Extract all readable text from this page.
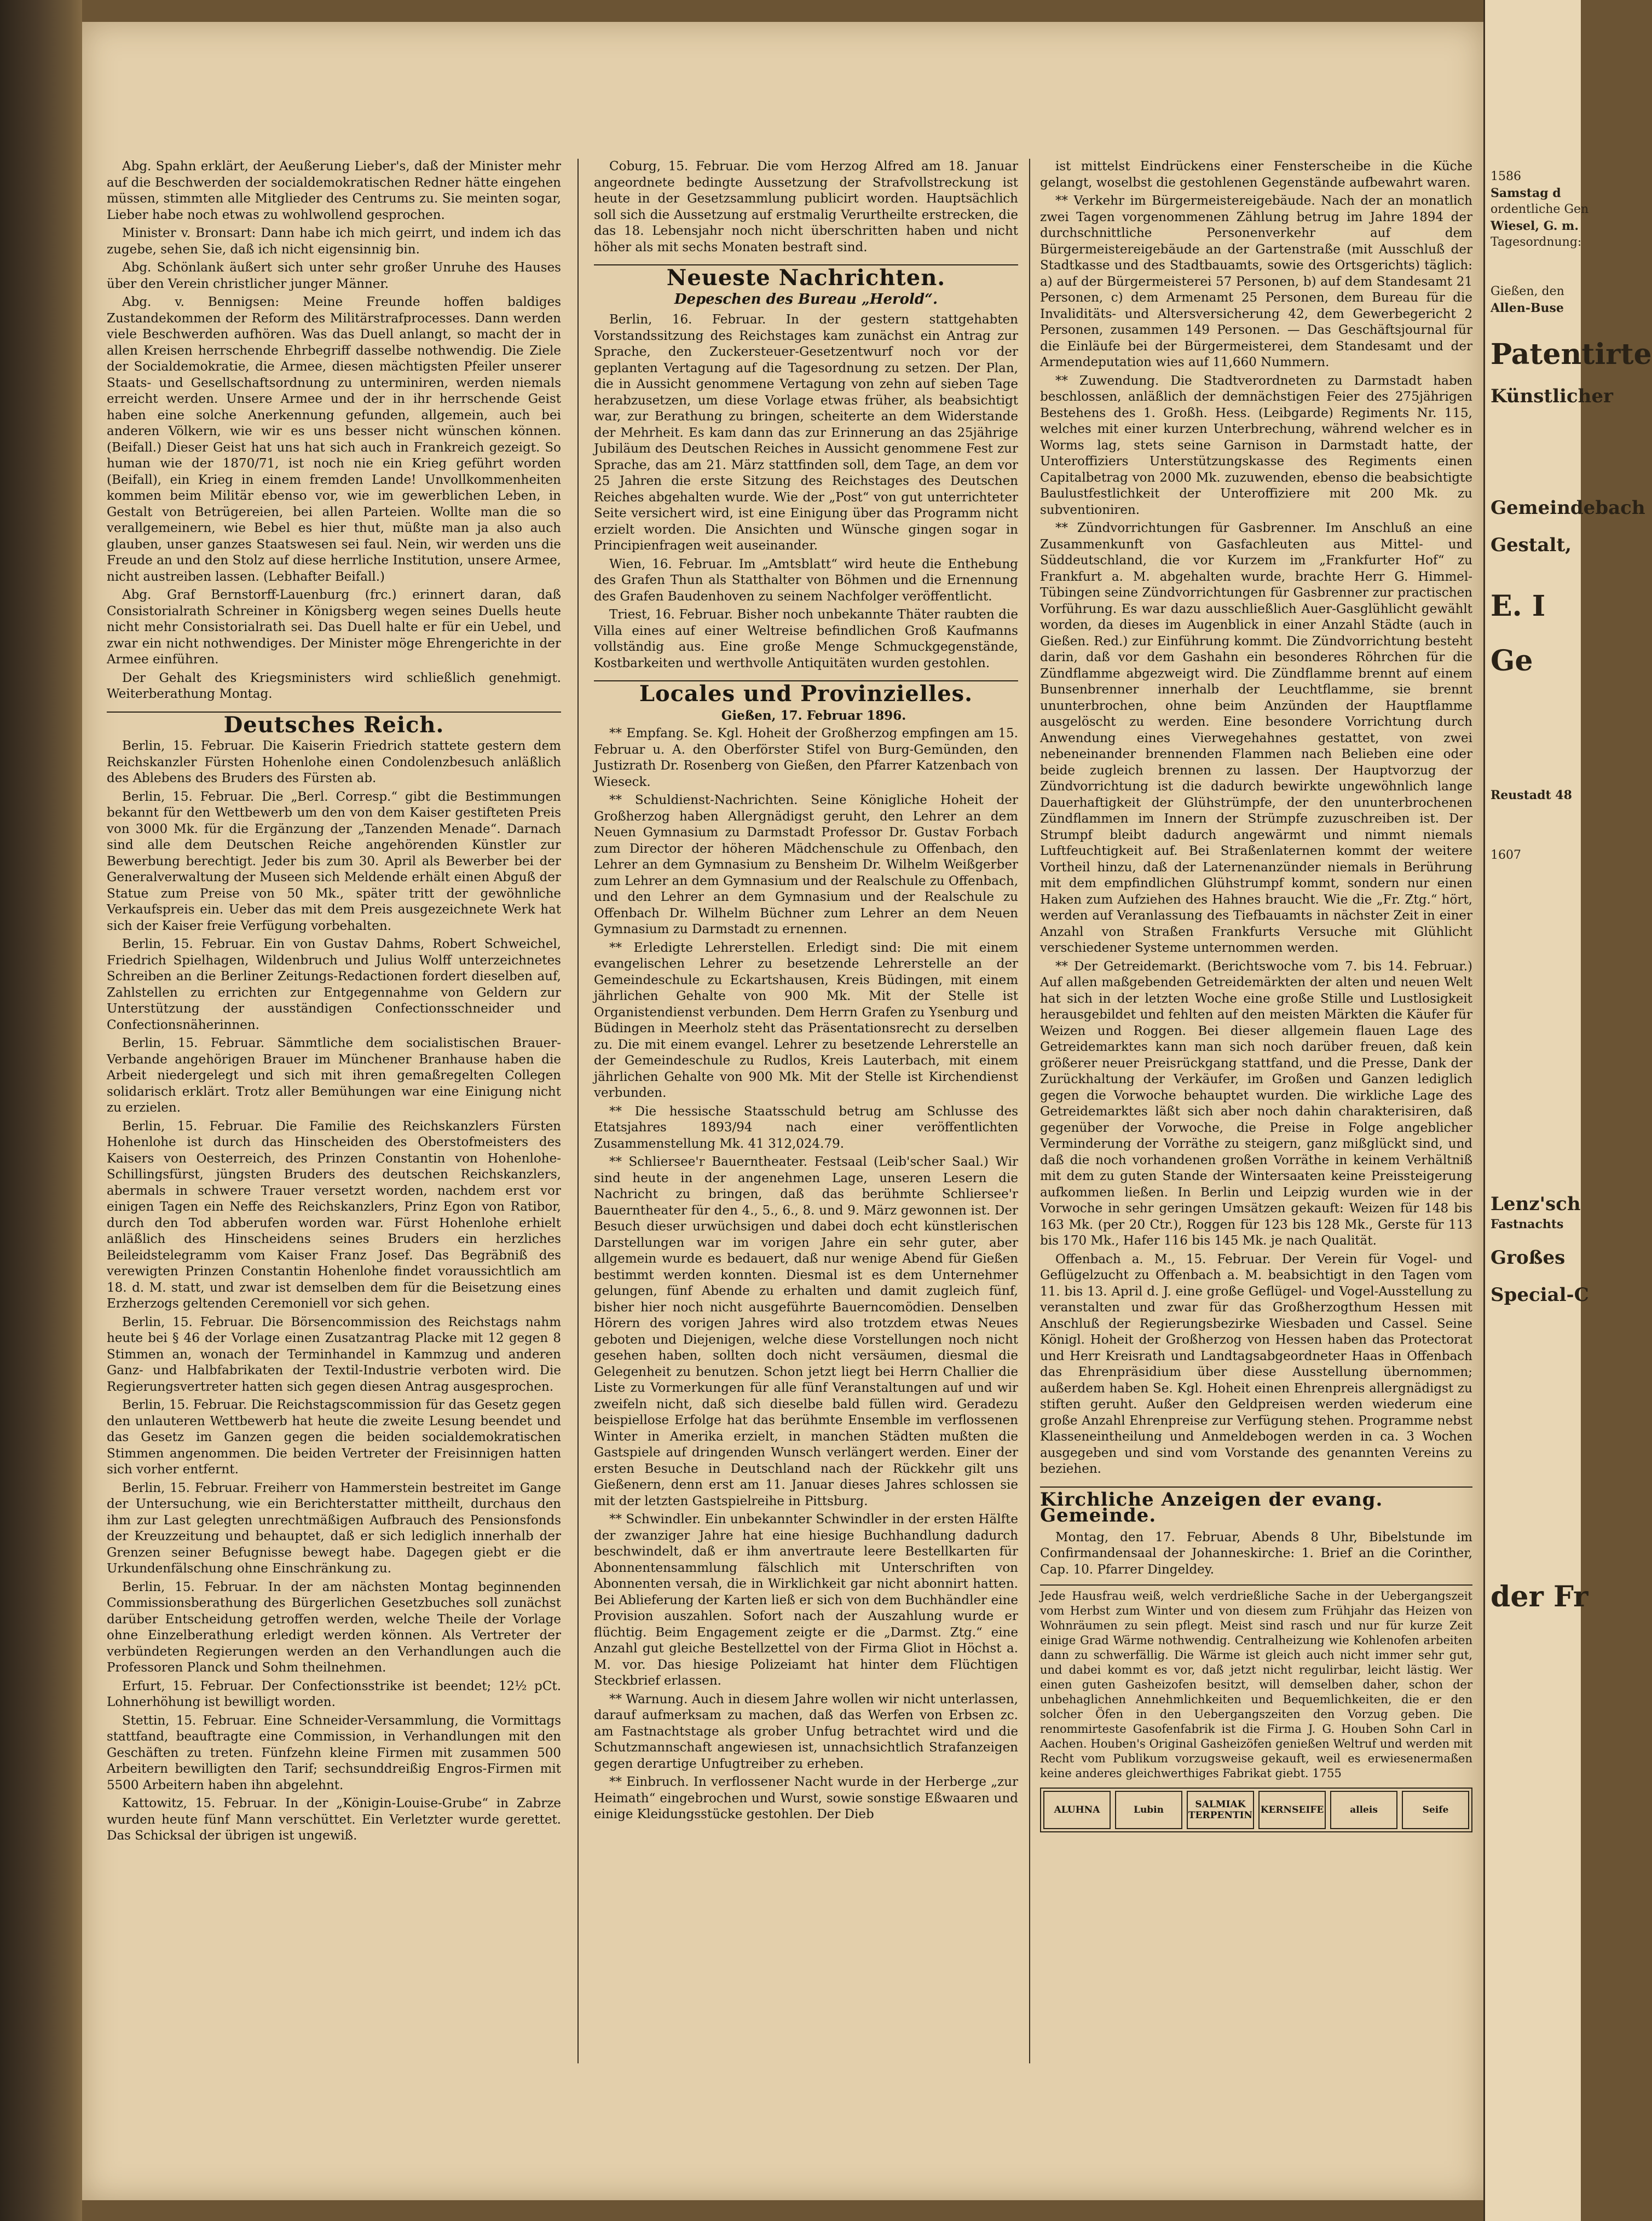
Abg. Spahn erklärt, der Aeußerung Lieber's, daß der Minister mehr auf die Beschwerden der socialdemokratischen Redner hätte eingehen müssen, stimmten alle Mitglieder des Centrums zu. Sie meinten sogar, Lieber habe noch etwas zu wohlwollend gesprochen.

Minister v. Bronsart: Dann habe ich mich geirrt, und indem ich das zugebe, sehen Sie, daß ich nicht eigensinnig bin.

Abg. Schönlank äußert sich unter sehr großer Unruhe des Hauses über den Verein christlicher junger Männer.

Abg. v. Bennigsen: Meine Freunde hoffen baldiges Zustandekommen der Reform des Militärstrafprocesses. Dann werden viele Beschwerden aufhören. Was das Duell anlangt, so macht der in allen Kreisen herrschende Ehrbegriff dasselbe nothwendig. Die Ziele der Socialdemokratie, die Armee, diesen mächtigsten Pfeiler unserer Staats- und Gesellschaftsordnung zu unterminiren, werden niemals erreicht werden. Unsere Armee und der in ihr herrschende Geist haben eine solche Anerkennung gefunden, allgemein, auch bei anderen Völkern, wie wir es uns besser nicht wünschen können. (Beifall.) Dieser Geist hat uns hat sich auch in Frankreich gezeigt. So human wie der 1870/71, ist noch nie ein Krieg geführt worden (Beifall), ein Krieg in einem fremden Lande! Unvollkommenheiten kommen beim Militär ebenso vor, wie im gewerblichen Leben, in Gestalt von Betrügereien, bei allen Parteien. Wollte man die so verallgemeinern, wie Bebel es hier thut, müßte man ja also auch glauben, unser ganzes Staatswesen sei faul. Nein, wir werden uns die Freude an und den Stolz auf diese herrliche Institution, unsere Armee, nicht austreiben lassen. (Lebhafter Beifall.)

Abg. Graf Bernstorff-Lauenburg (frc.) erinnert daran, daß Consistorialrath Schreiner in Königsberg wegen seines Duells heute nicht mehr Consistorialrath sei. Das Duell halte er für ein Uebel, und zwar ein nicht nothwendiges. Der Minister möge Ehrengerichte in der Armee einführen.

Der Gehalt des Kriegsministers wird schließlich genehmigt. Weiterberathung Montag.

Deutsches Reich.

Berlin, 15. Februar. Die Kaiserin Friedrich stattete gestern dem Reichskanzler Fürsten Hohenlohe einen Condolenzbesuch anläßlich des Ablebens des Bruders des Fürsten ab.

Berlin, 15. Februar. Die „Berl. Corresp.“ gibt die Bestimmungen bekannt für den Wettbewerb um den von dem Kaiser gestifteten Preis von 3000 Mk. für die Ergänzung der „Tanzenden Menade“. Darnach sind alle dem Deutschen Reiche angehörenden Künstler zur Bewerbung berechtigt. Jeder bis zum 30. April als Bewerber bei der Generalverwaltung der Museen sich Meldende erhält einen Abguß der Statue zum Preise von 50 Mk., später tritt der gewöhnliche Verkaufspreis ein. Ueber das mit dem Preis ausgezeichnete Werk hat sich der Kaiser freie Verfügung vorbehalten.

Berlin, 15. Februar. Ein von Gustav Dahms, Robert Schweichel, Friedrich Spielhagen, Wildenbruch und Julius Wolff unterzeichnetes Schreiben an die Berliner Zeitungs-Redactionen fordert dieselben auf, Zahlstellen zu errichten zur Entgegennahme von Geldern zur Unterstützung der ausständigen Confectionsschneider und Confectionsnäherinnen.

Berlin, 15. Februar. Sämmtliche dem socialistischen Brauer-Verbande angehörigen Brauer im Münchener Branhause haben die Arbeit niedergelegt und sich mit ihren gemaßregelten Collegen solidarisch erklärt. Trotz aller Bemühungen war eine Einigung nicht zu erzielen.

Berlin, 15. Februar. Die Familie des Reichskanzlers Fürsten Hohenlohe ist durch das Hinscheiden des Oberstofmeisters des Kaisers von Oesterreich, des Prinzen Constantin von Hohenlohe-Schillingsfürst, jüngsten Bruders des deutschen Reichskanzlers, abermals in schwere Trauer versetzt worden, nachdem erst vor einigen Tagen ein Neffe des Reichskanzlers, Prinz Egon von Ratibor, durch den Tod abberufen worden war. Fürst Hohenlohe erhielt anläßlich des Hinscheidens seines Bruders ein herzliches Beileidstelegramm vom Kaiser Franz Josef. Das Begräbniß des verewigten Prinzen Constantin Hohenlohe findet voraussichtlich am 18. d. M. statt, und zwar ist demselben dem für die Beisetzung eines Erzherzogs geltenden Ceremoniell vor sich gehen.

Berlin, 15. Februar. Die Börsencommission des Reichstags nahm heute bei § 46 der Vorlage einen Zusatzantrag Placke mit 12 gegen 8 Stimmen an, wonach der Terminhandel in Kammzug und anderen Ganz- und Halbfabrikaten der Textil-Industrie verboten wird. Die Regierungsvertreter hatten sich gegen diesen Antrag ausgesprochen.

Berlin, 15. Februar. Die Reichstagscommission für das Gesetz gegen den unlauteren Wettbewerb hat heute die zweite Lesung beendet und das Gesetz im Ganzen gegen die beiden socialdemokratischen Stimmen angenommen. Die beiden Vertreter der Freisinnigen hatten sich vorher entfernt.

Berlin, 15. Februar. Freiherr von Hammerstein bestreitet im Gange der Untersuchung, wie ein Berichterstatter mittheilt, durchaus den ihm zur Last gelegten unrechtmäßigen Aufbrauch des Pensionsfonds der Kreuzzeitung und behauptet, daß er sich lediglich innerhalb der Grenzen seiner Befugnisse bewegt habe. Dagegen giebt er die Urkundenfälschung ohne Einschränkung zu.

Berlin, 15. Februar. In der am nächsten Montag beginnenden Commissionsberathung des Bürgerlichen Gesetzbuches soll zunächst darüber Entscheidung getroffen werden, welche Theile der Vorlage ohne Einzelberathung erledigt werden können. Als Vertreter der verbündeten Regierungen werden an den Verhandlungen auch die Professoren Planck und Sohm theilnehmen.

Erfurt, 15. Februar. Der Confectionsstrike ist beendet; 12½ pCt. Lohnerhöhung ist bewilligt worden.

Stettin, 15. Februar. Eine Schneider-Versammlung, die Vormittags stattfand, beauftragte eine Commission, in Verhandlungen mit den Geschäften zu treten. Fünfzehn kleine Firmen mit zusammen 500 Arbeitern bewilligten den Tarif; sechsunddreißig Engros-Firmen mit 5500 Arbeitern haben ihn abgelehnt.

Kattowitz, 15. Februar. In der „Königin-Louise-Grube“ in Zabrze wurden heute fünf Mann verschüttet. Ein Verletzter wurde gerettet. Das Schicksal der übrigen ist ungewiß.

Coburg, 15. Februar. Die vom Herzog Alfred am 18. Januar angeordnete bedingte Aussetzung der Strafvollstreckung ist heute in der Gesetzsammlung publicirt worden. Hauptsächlich soll sich die Aussetzung auf erstmalig Verurtheilte erstrecken, die das 18. Lebensjahr noch nicht überschritten haben und nicht höher als mit sechs Monaten bestraft sind.

Neueste Nachrichten.
Depeschen des Bureau „Herold“.

Berlin, 16. Februar. In der gestern stattgehabten Vorstandssitzung des Reichstages kam zunächst ein Antrag zur Sprache, den Zuckersteuer-Gesetzentwurf noch vor der geplanten Vertagung auf die Tagesordnung zu setzen. Der Plan, die in Aussicht genommene Vertagung von zehn auf sieben Tage herabzusetzen, um diese Vorlage etwas früher, als beabsichtigt war, zur Berathung zu bringen, scheiterte an dem Widerstande der Mehrheit. Es kam dann das zur Erinnerung an das 25jährige Jubiläum des Deutschen Reiches in Aussicht genommene Fest zur Sprache, das am 21. März stattfinden soll, dem Tage, an dem vor 25 Jahren die erste Sitzung des Reichstages des Deutschen Reiches abgehalten wurde. Wie der „Post“ von gut unterrichteter Seite versichert wird, ist eine Einigung über das Programm nicht erzielt worden. Die Ansichten und Wünsche gingen sogar in Principienfragen weit auseinander.

Wien, 16. Februar. Im „Amtsblatt“ wird heute die Enthebung des Grafen Thun als Statthalter von Böhmen und die Ernennung des Grafen Baudenhoven zu seinem Nachfolger veröffentlicht.

Triest, 16. Februar. Bisher noch unbekannte Thäter raubten die Villa eines auf einer Weltreise befindlichen Groß Kaufmanns vollständig aus. Eine große Menge Schmuckgegenstände, Kostbarkeiten und werthvolle Antiquitäten wurden gestohlen.

Locales und Provinzielles.

Gießen, 17. Februar 1896.

** Empfang. Se. Kgl. Hoheit der Großherzog empfingen am 15. Februar u. A. den Oberförster Stifel von Burg-Gemünden, den Justizrath Dr. Rosenberg von Gießen, den Pfarrer Katzenbach von Wieseck.

** Schuldienst-Nachrichten. Seine Königliche Hoheit der Großherzog haben Allergnädigst geruht, den Lehrer an dem Neuen Gymnasium zu Darmstadt Professor Dr. Gustav Forbach zum Director der höheren Mädchenschule zu Offenbach, den Lehrer an dem Gymnasium zu Bensheim Dr. Wilhelm Weißgerber zum Lehrer an dem Gymnasium und der Realschule zu Offenbach, und den Lehrer an dem Gymnasium und der Realschule zu Offenbach Dr. Wilhelm Büchner zum Lehrer an dem Neuen Gymnasium zu Darmstadt zu ernennen.

** Erledigte Lehrerstellen. Erledigt sind: Die mit einem evangelischen Lehrer zu besetzende Lehrerstelle an der Gemeindeschule zu Eckartshausen, Kreis Büdingen, mit einem jährlichen Gehalte von 900 Mk. Mit der Stelle ist Organistendienst verbunden. Dem Herrn Grafen zu Ysenburg und Büdingen in Meerholz steht das Präsentationsrecht zu derselben zu. Die mit einem evangel. Lehrer zu besetzende Lehrerstelle an der Gemeindeschule zu Rudlos, Kreis Lauterbach, mit einem jährlichen Gehalte von 900 Mk. Mit der Stelle ist Kirchendienst verbunden.

** Die hessische Staatsschuld betrug am Schlusse des Etatsjahres 1893/94 nach einer veröffentlichten Zusammenstellung Mk. 41 312,024.79.

** Schliersee'r Bauerntheater. Festsaal (Leib'scher Saal.) Wir sind heute in der angenehmen Lage, unseren Lesern die Nachricht zu bringen, daß das berühmte Schliersee'r Bauerntheater für den 4., 5., 6., 8. und 9. März gewonnen ist. Der Besuch dieser urwüchsigen und dabei doch echt künstlerischen Darstellungen war im vorigen Jahre ein sehr guter, aber allgemein wurde es bedauert, daß nur wenige Abend für Gießen bestimmt werden konnten. Diesmal ist es dem Unternehmer gelungen, fünf Abende zu erhalten und damit zugleich fünf, bisher hier noch nicht ausgeführte Bauerncomödien. Denselben Hörern des vorigen Jahres wird also trotzdem etwas Neues geboten und Diejenigen, welche diese Vorstellungen noch nicht gesehen haben, sollten doch nicht versäumen, diesmal die Gelegenheit zu benutzen. Schon jetzt liegt bei Herrn Challier die Liste zu Vormerkungen für alle fünf Veranstaltungen auf und wir zweifeln nicht, daß sich dieselbe bald füllen wird. Geradezu beispiellose Erfolge hat das berühmte Ensemble im verflossenen Winter in Amerika erzielt, in manchen Städten mußten die Gastspiele auf dringenden Wunsch verlängert werden. Einer der ersten Besuche in Deutschland nach der Rückkehr gilt uns Gießenern, denn erst am 11. Januar dieses Jahres schlossen sie mit der letzten Gastspielreihe in Pittsburg.

** Schwindler. Ein unbekannter Schwindler in der ersten Hälfte der zwanziger Jahre hat eine hiesige Buchhandlung dadurch beschwindelt, daß er ihm anvertraute leere Bestellkarten für Abonnentensammlung fälschlich mit Unterschriften von Abonnenten versah, die in Wirklichkeit gar nicht abonnirt hatten. Bei Ablieferung der Karten ließ er sich von dem Buchhändler eine Provision auszahlen. Sofort nach der Auszahlung wurde er flüchtig. Beim Engagement zeigte er die „Darmst. Ztg.“ eine Anzahl gut gleiche Bestellzettel von der Firma Gliot in Höchst a. M. vor. Das hiesige Polizeiamt hat hinter dem Flüchtigen Steckbrief erlassen.

** Warnung. Auch in diesem Jahre wollen wir nicht unterlassen, darauf aufmerksam zu machen, daß das Werfen von Erbsen zc. am Fastnachtstage als grober Unfug betrachtet wird und die Schutzmannschaft angewiesen ist, unnachsichtlich Strafanzeigen gegen derartige Unfugtreiber zu erheben.

** Einbruch. In verflossener Nacht wurde in der Herberge „zur Heimath“ eingebrochen und Wurst, sowie sonstige Eßwaaren und einige Kleidungsstücke gestohlen. Der Dieb

ist mittelst Eindrückens einer Fensterscheibe in die Küche gelangt, woselbst die gestohlenen Gegenstände aufbewahrt waren.

** Verkehr im Bürgermeistereigebäude. Nach der an monatlich zwei Tagen vorgenommenen Zählung betrug im Jahre 1894 der durchschnittliche Personenverkehr auf dem Bürgermeistereigebäude an der Gartenstraße (mit Ausschluß der Stadtkasse und des Stadtbauamts, sowie des Ortsgerichts) täglich: a) auf der Bürgermeisterei 57 Personen, b) auf dem Standesamt 21 Personen, c) dem Armenamt 25 Personen, dem Bureau für die Invaliditäts- und Altersversicherung 42, dem Gewerbegericht 2 Personen, zusammen 149 Personen. — Das Geschäftsjournal für die Einläufe bei der Bürgermeisterei, dem Standesamt und der Armendeputation wies auf 11,660 Nummern.

** Zuwendung. Die Stadtverordneten zu Darmstadt haben beschlossen, anläßlich der demnächstigen Feier des 275jährigen Bestehens des 1. Großh. Hess. (Leibgarde) Regiments Nr. 115, welches mit einer kurzen Unterbrechung, während welcher es in Worms lag, stets seine Garnison in Darmstadt hatte, der Unteroffiziers Unterstützungskasse des Regiments einen Capitalbetrag von 2000 Mk. zuzuwenden, ebenso die beabsichtigte Baulustfestlichkeit der Unteroffiziere mit 200 Mk. zu subventioniren.

** Zündvorrichtungen für Gasbrenner. Im Anschluß an eine Zusammenkunft von Gasfachleuten aus Mittel- und Süddeutschland, die vor Kurzem im „Frankfurter Hof“ zu Frankfurt a. M. abgehalten wurde, brachte Herr G. Himmel-Tübingen seine Zündvorrichtungen für Gasbrenner zur practischen Vorführung. Es war dazu ausschließlich Auer-Gasglühlicht gewählt worden, da dieses im Augenblick in einer Anzahl Städte (auch in Gießen. Red.) zur Einführung kommt. Die Zündvorrichtung besteht darin, daß vor dem Gashahn ein besonderes Röhrchen für die Zündflamme abgezweigt wird. Die Zündflamme brennt auf einem Bunsenbrenner innerhalb der Leuchtflamme, sie brennt ununterbrochen, ohne beim Anzünden der Hauptflamme ausgelöscht zu werden. Eine besondere Vorrichtung durch Anwendung eines Vierwegehahnes gestattet, von zwei nebeneinander brennenden Flammen nach Belieben eine oder beide zugleich brennen zu lassen. Der Hauptvorzug der Zündvorrichtung ist die dadurch bewirkte ungewöhnlich lange Dauerhaftigkeit der Glühstrümpfe, der den ununterbrochenen Zündflammen im Innern der Strümpfe zuzuschreiben ist. Der Strumpf bleibt dadurch angewärmt und nimmt niemals Luftfeuchtigkeit auf. Bei Straßenlaternen kommt der weitere Vortheil hinzu, daß der Laternenanzünder niemals in Berührung mit dem empfindlichen Glühstrumpf kommt, sondern nur einen Haken zum Aufziehen des Hahnes braucht. Wie die „Fr. Ztg.“ hört, werden auf Veranlassung des Tiefbauamts in nächster Zeit in einer Anzahl von Straßen Frankfurts Versuche mit Glühlicht verschiedener Systeme unternommen werden.

** Der Getreidemarkt. (Berichtswoche vom 7. bis 14. Februar.) Auf allen maßgebenden Getreidemärkten der alten und neuen Welt hat sich in der letzten Woche eine große Stille und Lustlosigkeit herausgebildet und fehlten auf den meisten Märkten die Käufer für Weizen und Roggen. Bei dieser allgemein flauen Lage des Getreidemarktes kann man sich noch darüber freuen, daß kein größerer neuer Preisrückgang stattfand, und die Presse, Dank der Zurückhaltung der Verkäufer, im Großen und Ganzen lediglich gegen die Vorwoche behauptet wurden. Die wirkliche Lage des Getreidemarktes läßt sich aber noch dahin charakterisiren, daß gegenüber der Vorwoche, die Preise in Folge angeblicher Verminderung der Vorräthe zu steigern, ganz mißglückt sind, und daß die noch vorhandenen großen Vorräthe in keinem Verhältniß mit dem zu guten Stande der Wintersaaten keine Preissteigerung aufkommen ließen. In Berlin und Leipzig wurden wie in der Vorwoche in sehr geringen Umsätzen gekauft: Weizen für 148 bis 163 Mk. (per 20 Ctr.), Roggen für 123 bis 128 Mk., Gerste für 113 bis 170 Mk., Hafer 116 bis 145 Mk. je nach Qualität.

Offenbach a. M., 15. Februar. Der Verein für Vogel- und Geflügelzucht zu Offenbach a. M. beabsichtigt in den Tagen vom 11. bis 13. April d. J. eine große Geflügel- und Vogel-Ausstellung zu veranstalten und zwar für das Großherzogthum Hessen mit Anschluß der Regierungsbezirke Wiesbaden und Cassel. Seine Königl. Hoheit der Großherzog von Hessen haben das Protectorat und Herr Kreisrath und Landtagsabgeordneter Haas in Offenbach das Ehrenpräsidium über diese Ausstellung übernommen; außerdem haben Se. Kgl. Hoheit einen Ehrenpreis allergnädigst zu stiften geruht. Außer den Geldpreisen werden wiederum eine große Anzahl Ehrenpreise zur Verfügung stehen. Programme nebst Klasseneintheilung und Anmeldebogen werden in ca. 3 Wochen ausgegeben und sind vom Vorstande des genannten Vereins zu beziehen.

Kirchliche Anzeigen der evang. Gemeinde.

Montag, den 17. Februar, Abends 8 Uhr, Bibelstunde im Confirmandensaal der Johanneskirche: 1. Brief an die Corinther, Cap. 10. Pfarrer Dingeldey.

Jede Hausfrau weiß, welch verdrießliche Sache in der Uebergangszeit vom Herbst zum Winter und von diesem zum Frühjahr das Heizen von Wohnräumen zu sein pflegt. Meist sind rasch und nur für kurze Zeit einige Grad Wärme nothwendig. Centralheizung wie Kohlenofen arbeiten dann zu schwerfällig. Die Wärme ist gleich auch nicht immer sehr gut, und dabei kommt es vor, daß jetzt nicht regulirbar, leicht lästig. Wer einen guten Gasheizofen besitzt, will demselben daher, schon der unbehaglichen Annehmlichkeiten und Bequemlichkeiten, die er den solcher Öfen in den Uebergangszeiten den Vorzug geben. Die renommirteste Gasofenfabrik ist die Firma J. G. Houben Sohn Carl in Aachen. Houben's Original Gasheizöfen genießen Weltruf und werden mit Recht vom Publikum vorzugsweise gekauft, weil es erwiesenermaßen keine anderes gleichwerthiges Fabrikat giebt. 1755
ALUHNA	Lubin	SALMIAK TERPENTIN KERNSEIFE	alleis	Seife
1586
Samstag d
ordentliche Gen
Wiesel, G. m.
Tagesordnung:
Gießen, den
Allen-Buse
Patentirte
Künstlicher
Gemeindebach
Gestalt,
E. I
Ge
Reustadt 48
1607
Lenz'sch
Fastnachts
Großes
Special-C
der Fr
